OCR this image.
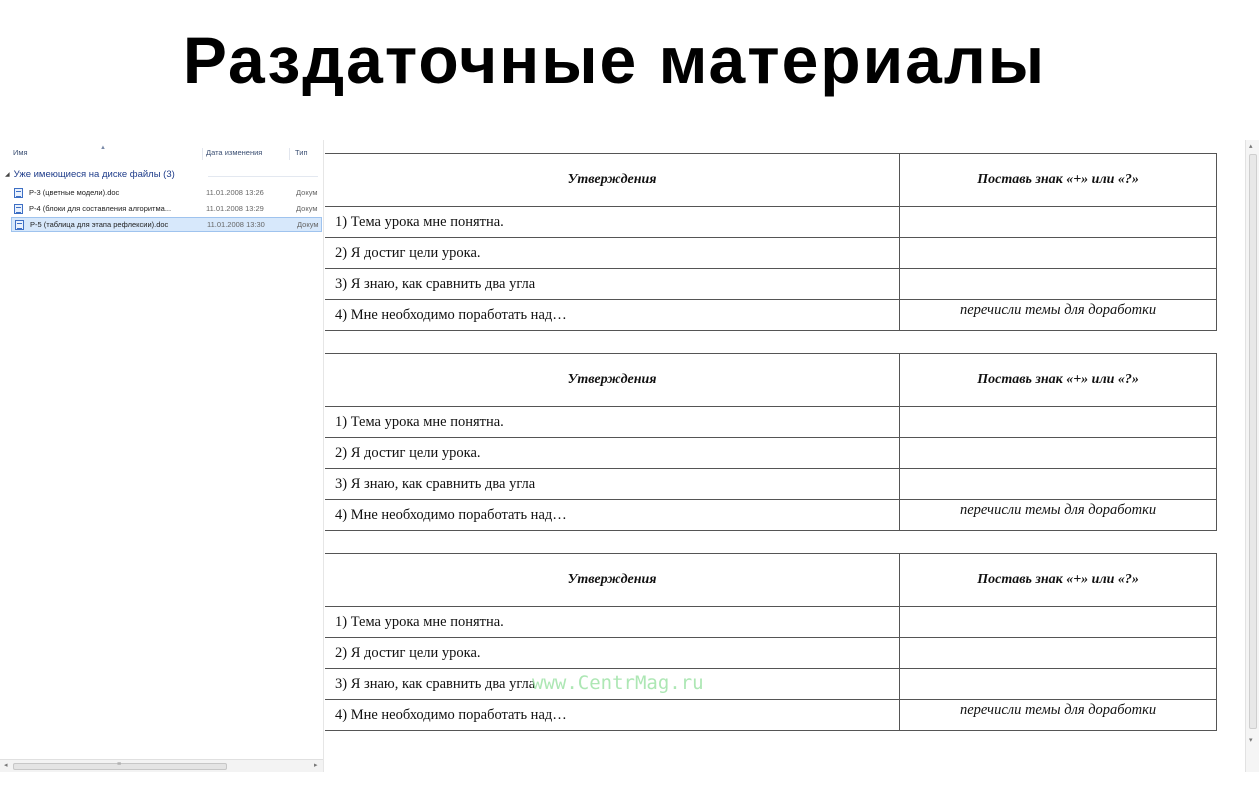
Раздаточные материалы
Имя	▲	Дата изменения	Тип
◢ Уже имеющиеся на диске файлы (3)
Р-3 (цветные модели).doc	11.01.2008 13:26	Докум
Р-4 (блоки для составления алгоритма...	11.01.2008 13:29	Докум
Р-5 (таблица для этапа рефлексии).doc	11.01.2008 13:30	Докум
◂	≡	▸
Утверждения	Поставь знак «+» или «?»
1) Тема урока мне понятна.	
2) Я достиг цели урока.	
3) Я знаю, как сравнить два угла	
4) Мне необходимо поработать над…	перечисли темы для доработки
Утверждения	Поставь знак «+» или «?»
1) Тема урока мне понятна.	
2) Я достиг цели урока.	
3) Я знаю, как сравнить два угла	
4) Мне необходимо поработать над…	перечисли темы для доработки
Утверждения	Поставь знак «+» или «?»
1) Тема урока мне понятна.	
2) Я достиг цели урока.	
3) Я знаю, как сравнить два угла	
4) Мне необходимо поработать над…	перечисли темы для доработки
www.CentrMag.ru
▴
▾
